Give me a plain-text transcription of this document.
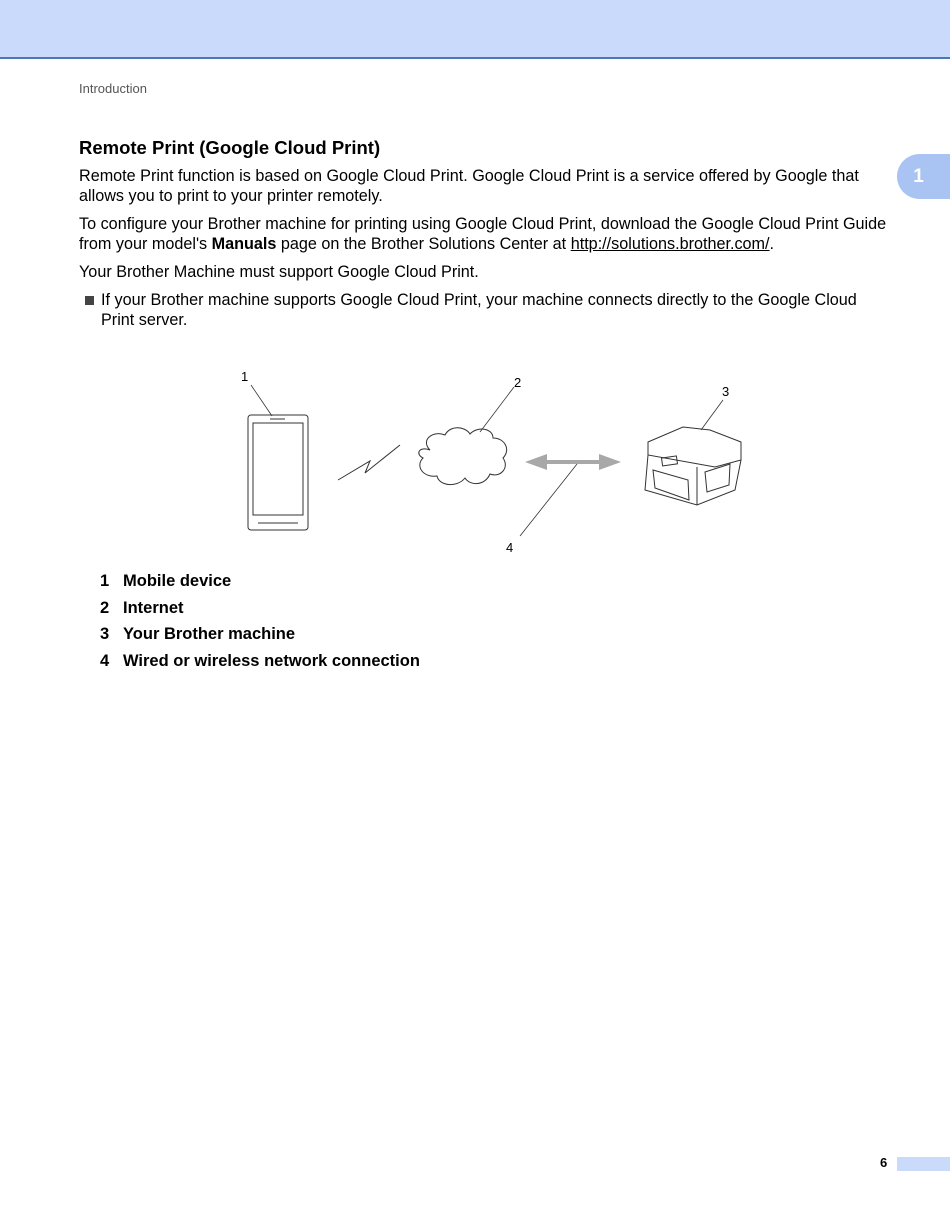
Introduction
1
Remote Print (Google Cloud Print)

Remote Print function is based on Google Cloud Print. Google Cloud Print is a service offered by Google that allows you to print to your printer remotely.

To configure your Brother machine for printing using Google Cloud Print, download the Google Cloud Print Guide from your model's Manuals page on the Brother Solutions Center at http://solutions.brother.com/.

Your Brother Machine must support Google Cloud Print.

If your Brother machine supports Google Cloud Print, your machine connects directly to the Google Cloud Print server.
1	2
3
4
1 Mobile device
2 Internet
3 Your Brother machine
4 Wired or wireless network connection
6
